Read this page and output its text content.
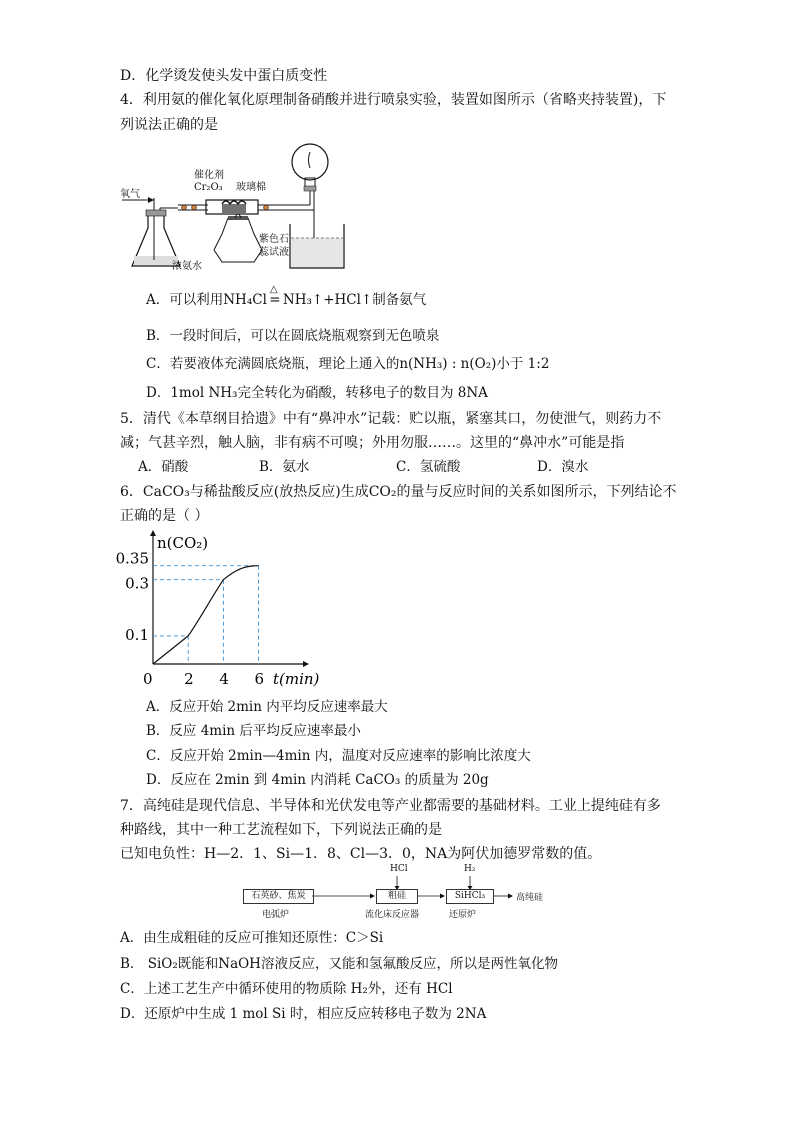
D．化学烫发使头发中蛋白质变性
4．利用氨的催化氧化原理制备硝酸并进行喷泉实验，装置如图所示（省略夹持装置)，下
列说法正确的是
氧气
催化剂
Cr₂O₃ 玻璃棉
浓氨水
紫色石
蕊试液
A．可以利用NH₄Cl
△
= NH₃↑+HCl↑制备氨气
B．一段时间后，可以在圆底烧瓶观察到无色喷泉
C．若要液体充满圆底烧瓶，理论上通入的n(NH₃) : n(O₂)小于 1:2
D．1mol NH₃完全转化为硝酸，转移电子的数目为 8NA
5．清代《本草纲目拾遗》中有“鼻冲水”记载：贮以瓶，紧塞其口，勿使泄气，则药力不
减；气甚辛烈，触人脑，非有病不可嗅；外用勿服……。这里的“鼻冲水”可能是指
A．硝酸	B．氨水	C．氢硫酸	D．溴水
6．CaCO₃与稀盐酸反应(放热反应)生成CO₂的量与反应时间的关系如图所示，下列结论不
正确的是（ ）
n(CO₂)
t(min)
0 2 4 6
0.1
0.3
0.35
A．反应开始 2min 内平均反应速率最大
B．反应 4min 后平均反应速率最小
C．反应开始 2min—4min 内，温度对反应速率的影响比浓度大
D．反应在 2min 到 4min 内消耗 CaCO₃ 的质量为 20g
7．高纯硅是现代信息、半导体和光伏发电等产业都需要的基础材料。工业上提纯硅有多
种路线，其中一种工艺流程如下，下列说法正确的是
已知电负性：H—2．1、Si—1．8、Cl—3．0，NA为阿伏加德罗常数的值。
石英砂、焦炭	粗硅	SiHCl₃	高纯硅
HCl	H₂
电弧炉	流化床反应器	还原炉
A．由生成粗硅的反应可推知还原性：C＞Si
B． SiO₂既能和NaOH溶液反应，又能和氢氟酸反应，所以是两性氧化物
C．上述工艺生产中循环使用的物质除 H₂外，还有 HCl
D．还原炉中生成 1 mol Si 时，相应反应转移电子数为 2NA
